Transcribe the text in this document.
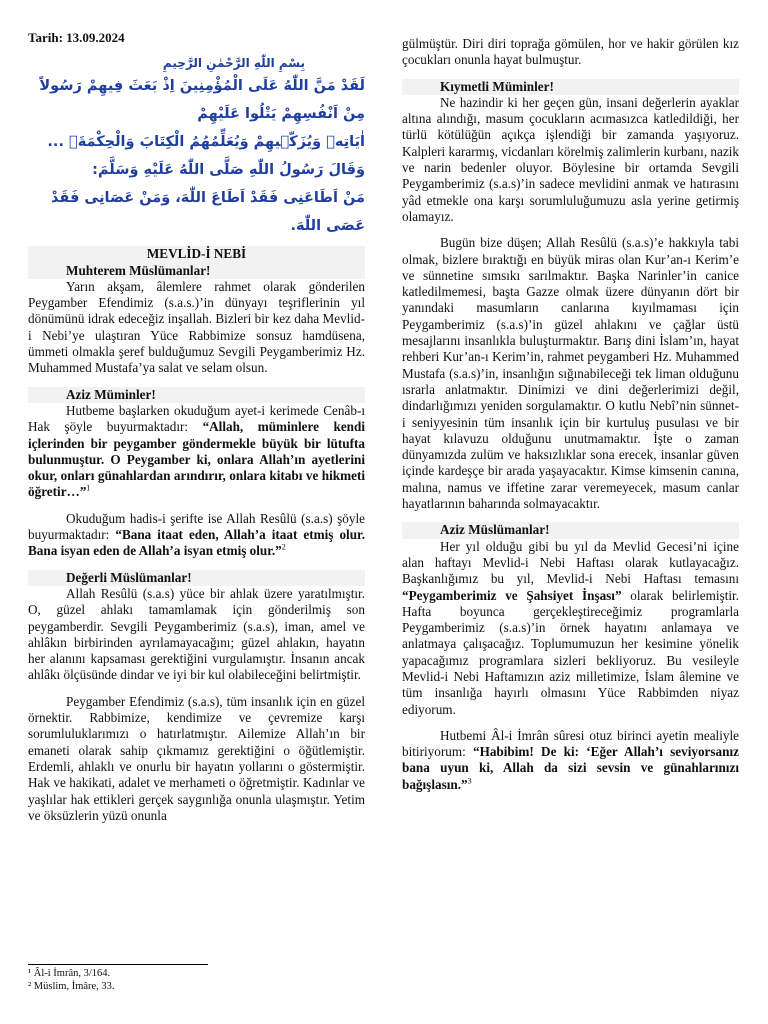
Tarih: 13.09.2024

بِسْمِ اللّٰهِ الرَّحْمٰنِ الرَّحِيمِ

لَقَدْ مَنَّ اللّٰهُ عَلَى الْمُؤْمِنِينَ اِذْ بَعَثَ فِيهِمْ رَسُولاً مِنْ اَنْفُسِهِمْ يَتْلُوا عَلَيْهِمْ

اٰيَاتِه۪ وَيُزَكّ۪يهِمْ وَيُعَلِّمُهُمُ الْكِتَابَ وَالْحِكْمَةَۚ ...

وَقَالَ رَسُولُ اللّٰهِ صَلَّى اللّٰهُ عَلَيْهِ وَسَلَّمَ:

مَنْ اَطَاعَنِى فَقَدْ اَطَاعَ اللّٰهَ، وَمَنْ عَصَانِى فَقَدْ عَصَى اللّٰهَ.

MEVLİD-İ NEBİ
Muhterem Müslümanlar!

Yarın akşam, âlemlere rahmet olarak gönderilen Peygamber Efendimiz (s.a.s.)’in dünyayı teşriflerinin yıl dönümünü idrak edeceğiz inşallah. Bizleri bir kez daha Mevlid-i Nebi’ye ulaştıran Yüce Rabbimize sonsuz hamdüsena, ümmeti olmakla şeref bulduğumuz Sevgili Peygamberimiz Hz. Muhammed Mustafa’ya salat ve selam olsun.

Aziz Müminler!

Hutbeme başlarken okuduğum ayet-i kerimede Cenâb-ı Hak şöyle buyurmaktadır: “Allah, müminlere kendi içlerinden bir peygamber göndermekle büyük bir lütufta bulunmuştur. O Peygamber ki, onlara Allah’ın ayetlerini okur, onları günahlardan arındırır, onlara kitabı ve hikmeti öğretir…”$^1$

Okuduğum hadis-i şerifte ise Allah Resûlü (s.a.s) şöyle buyurmaktadır: “Bana itaat eden, Allah’a itaat etmiş olur. Bana isyan eden de Allah’a isyan etmiş olur.”$^2$

Değerli Müslümanlar!

Allah Resûlü (s.a.s) yüce bir ahlak üzere yaratılmıştır. O, güzel ahlakı tamamlamak için gönderilmiş son peygamberdir. Sevgili Peygamberimiz (s.a.s), iman, amel ve ahlâkın birbirinden ayrılamayacağını; güzel ahlakın, hayatın her alanını kapsaması gerektiğini vurgulamıştır. İnsanın ancak ahlâkı ölçüsünde dindar ve iyi bir kul olabileceğini belirtmiştir.

Peygamber Efendimiz (s.a.s), tüm insanlık için en güzel örnektir. Rabbimize, kendimize ve çevremize karşı sorumluluklarımızı o hatırlatmıştır. Ailemize Allah’ın bir emaneti olarak sahip çıkmamız gerektiğini o öğütlemiştir. Erdemli, ahlaklı ve onurlu bir hayatın yollarını o göstermiştir. Hak ve hakikati, adalet ve merhameti o öğretmiştir. Kadınlar ve yaşlılar hak ettikleri gerçek saygınlığa onunla ulaşmıştır. Yetim ve öksüzlerin yüzü onunla

gülmüştür. Diri diri toprağa gömülen, hor ve hakir görülen kız çocukları onunla hayat bulmuştur.

Kıymetli Müminler!

Ne hazindir ki her geçen gün, insani değerlerin ayaklar altına alındığı, masum çocukların acımasızca katledildiği, her türlü kötülüğün açıkça işlendiği bir zamanda yaşıyoruz. Kalpleri kararmış, vicdanları körelmiş zalimlerin kurbanı, nazik ve narin bedenler oluyor. Böylesine bir ortamda Sevgili Peygamberimiz (s.a.s)’in sadece mevlidini anmak ve hatırasını yâd etmekle ona karşı sorumluluğumuzu asla yerine getirmiş olamayız.

Bugün bize düşen; Allah Resûlü (s.a.s)’e hakkıyla tabi olmak, bizlere bıraktığı en büyük miras olan Kur’an-ı Kerim’e ve sünnetine sımsıkı sarılmaktır. Başka Narinler’in canice katledilmemesi, başta Gazze olmak üzere dünyanın dört bir yanındaki masumların canlarına kıyılmaması için Peygamberimiz (s.a.s)’in güzel ahlakını ve çağlar üstü mesajlarını insanlıkla buluşturmaktır. Barış dini İslam’ın, hayat rehberi Kur’an-ı Kerim’in, rahmet peygamberi Hz. Muhammed Mustafa (s.a.s)’in, insanlığın sığınabileceği tek liman olduğunu ısrarla anlatmaktır. Dinimizi ve dini değerlerimizi değil, dindarlığımızı yeniden sorgulamaktır. O kutlu Nebî’nin sünnet-i seniyyesinin tüm insanlık için bir kurtuluş pusulası ve bir hayat kılavuzu olduğunu unutmamaktır. İşte o zaman dünyamızda zulüm ve haksızlıklar sona erecek, insanlar güven içinde kardeşçe bir arada yaşayacaktır. Kimse kimsenin canına, malına, namus ve iffetine zarar veremeyecek, masum canlar hayatlarının baharında solmayacaktır.

Aziz Müslümanlar!

Her yıl olduğu gibi bu yıl da Mevlid Gecesi’ni içine alan haftayı Mevlid-i Nebi Haftası olarak kutlayacağız. Başkanlığımız bu yıl, Mevlid-i Nebi Haftası temasını “Peygamberimiz ve Şahsiyet İnşası” olarak belirlemiştir. Hafta boyunca gerçekleştireceğimiz programlarla Peygamberimiz (s.a.s)’in örnek hayatını anlamaya ve anlatmaya çalışacağız. Toplumumuzun her kesimine yönelik yapacağımız programlara sizleri bekliyoruz. Bu vesileyle Mevlid-i Nebi Haftamızın aziz milletimize, İslam âlemine ve tüm insanlığa hayırlı olmasını Yüce Rabbimden niyaz ediyorum.

Hutbemi Âl-i İmrân sûresi otuz birinci ayetin mealiyle bitiriyorum: “Habibim! De ki: ‘Eğer Allah’ı seviyorsanız bana uyun ki, Allah da sizi sevsin ve günahlarınızı bağışlasın.”$^3$

¹ Âl-i İmrân, 3/164.
² Müslim, İmâre, 33.
